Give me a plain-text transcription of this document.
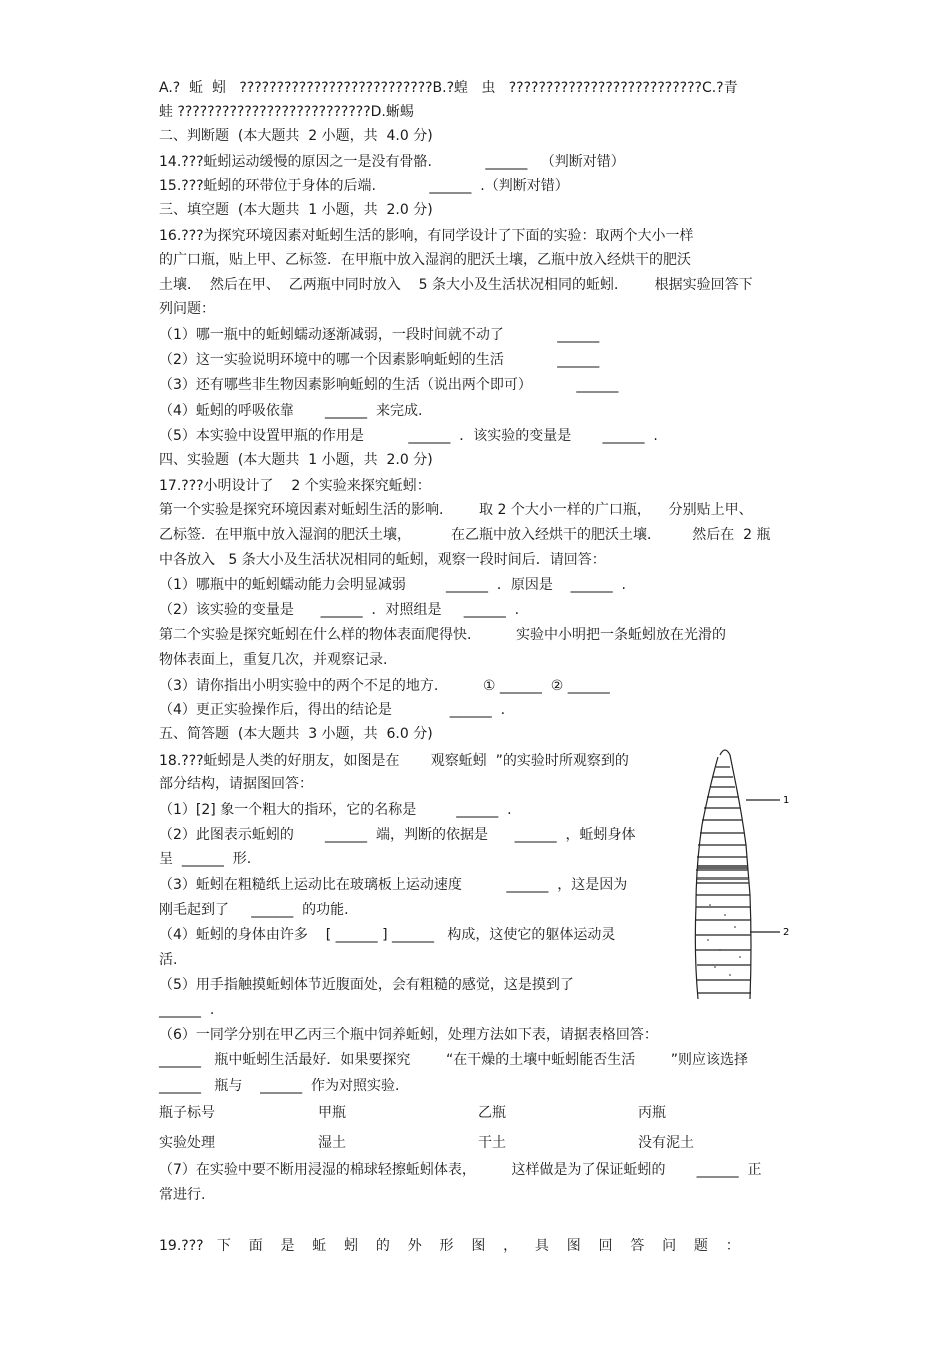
A.?  蚯  蚓   ??????????????????????????B.?蝗   虫   ??????????????????????????C.?青
蛙 ??????????????????????????D.蜥蜴
二、判断题  (本大题共  2 小题，共  4.0 分)
14.???蚯蚓运动缓慢的原因之一是没有骨骼.            ______   （判断对错）
15.???蚯蚓的环带位于身体的后端.            ______  .（判断对错）
三、填空题  (本大题共  1 小题，共  2.0 分)
16.???为探究环境因素对蚯蚓生活的影响，有同学设计了下面的实验：取两个大小一样
的广口瓶，贴上甲、乙标签．在甲瓶中放入湿润的肥沃土壤，乙瓶中放入经烘干的肥沃
土壤．  然后在甲、  乙两瓶中同时放入    5 条大小及生活状况相同的蚯蚓．      根据实验回答下
列问题：
（1）哪一瓶中的蚯蚓蠕动逐渐减弱，一段时间就不动了            ______
（2）这一实验说明环境中的哪一个因素影响蚯蚓的生活            ______
（3）还有哪些非生物因素影响蚯蚓的生活（说出两个即可）          ______
（4）蚯蚓的呼吸依靠       ______  来完成.
（5）本实验中设置甲瓶的作用是          ______  ．该实验的变量是       ______  .
四、实验题  (本大题共  1 小题，共  2.0 分)
17.???小明设计了    2 个实验来探究蚯蚓：
第一个实验是探究环境因素对蚯蚓生活的影响.        取 2 个大小一样的广口瓶，    分别贴上甲、
乙标签．在甲瓶中放入湿润的肥沃土壤，         在乙瓶中放入经烘干的肥沃土壤．       然后在  2 瓶
中各放入   5 条大小及生活状况相同的蚯蚓，观察一段时间后．请回答：
（1）哪瓶中的蚯蚓蠕动能力会明显减弱         ______  ．原因是    ______  .
（2）该实验的变量是      ______  ．对照组是     ______  .
第二个实验是探究蚯蚓在什么样的物体表面爬得快.          实验中小明把一条蚯蚓放在光滑的
物体表面上，重复几次，并观察记录.
（3）请你指出小明实验中的两个不足的地方.          ① ______  ② ______
（4）更正实验操作后，得出的结论是             ______  .
五、简答题  (本大题共  3 小题，共  6.0 分)
18.???蚯蚓是人类的好朋友，如图是在       观察蚯蚓  ”的实验时所观察到的
部分结构，请据图回答：
（1）[2] 象一个粗大的指环，它的名称是         ______  .
（2）此图表示蚯蚓的       ______  端，判断的依据是      ______  ，蚯蚓身体
呈  ______  形.
（3）蚯蚓在粗糙纸上运动比在玻璃板上运动速度          ______  ，这是因为
刚毛起到了     ______  的功能.
（4）蚯蚓的身体由许多    [ ______ ] ______   构成，这使它的躯体运动灵
活.
（5）用手指触摸蚯蚓体节近腹面处，会有粗糙的感觉，这是摸到了
______  .
（6）一同学分别在甲乙丙三个瓶中饲养蚯蚓，处理方法如下表，请据表格回答：
______   瓶中蚯蚓生活最好．如果要探究        “在干燥的土壤中蚯蚓能否生活        ”则应该选择
______   瓶与    ______  作为对照实验.
瓶子标号	甲瓶	乙瓶	丙瓶
实验处理	湿土	干土	没有泥土
（7）在实验中要不断用浸湿的棉球轻擦蚯蚓体表，        这样做是为了保证蚯蚓的       ______  正
常进行.
19.???   下    面    是    蚯    蚓    的    外    形    图    ，    具    图    回    答    问    题    ：
1
2
